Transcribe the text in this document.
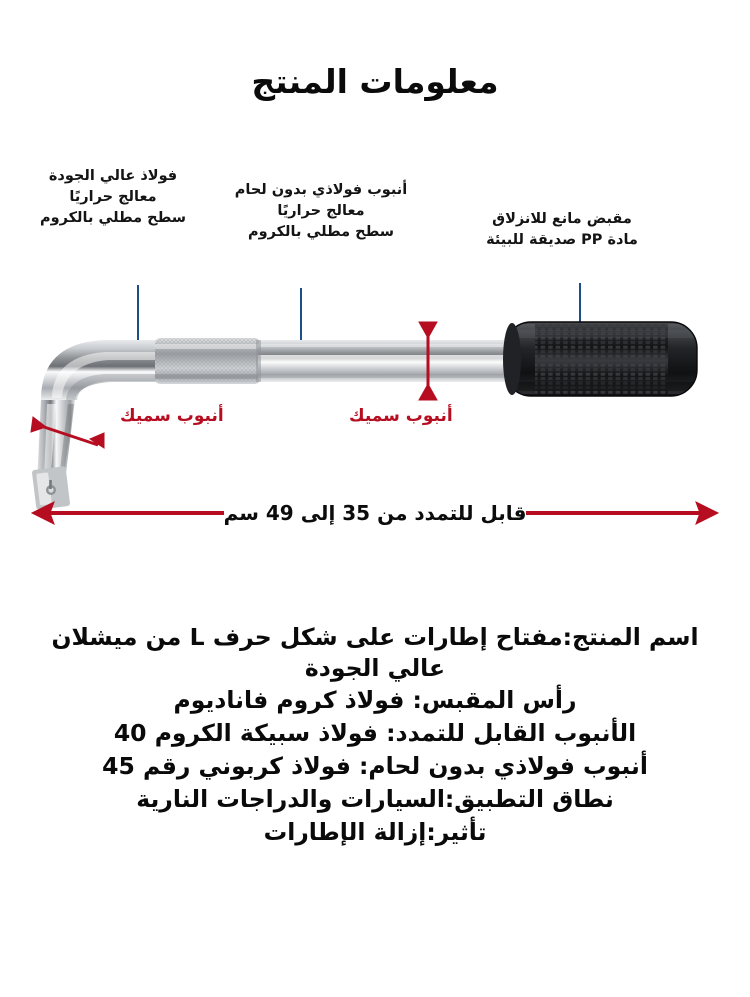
معلومات المنتج
فولاذ عالي الجودة
معالج حراريًا
سطح مطلي بالكروم
أنبوب فولاذي بدون لحام
معالج حراريًا
سطح مطلي بالكروم
مقبض مانع للانزلاق
مادة PP صديقة للبيئة
أنبوب سميك	أنبوب سميك
قابل للتمدد من 35 إلى 49 سم

اسم المنتج:مفتاح إطارات على شكل حرف L من ميشلان عالي الجودة

رأس المقبس: فولاذ كروم فاناديوم

الأنبوب القابل للتمدد: فولاذ سبيكة الكروم 40

أنبوب فولاذي بدون لحام: فولاذ كربوني رقم 45

نطاق التطبيق:السيارات والدراجات النارية

تأثير:إزالة الإطارات
